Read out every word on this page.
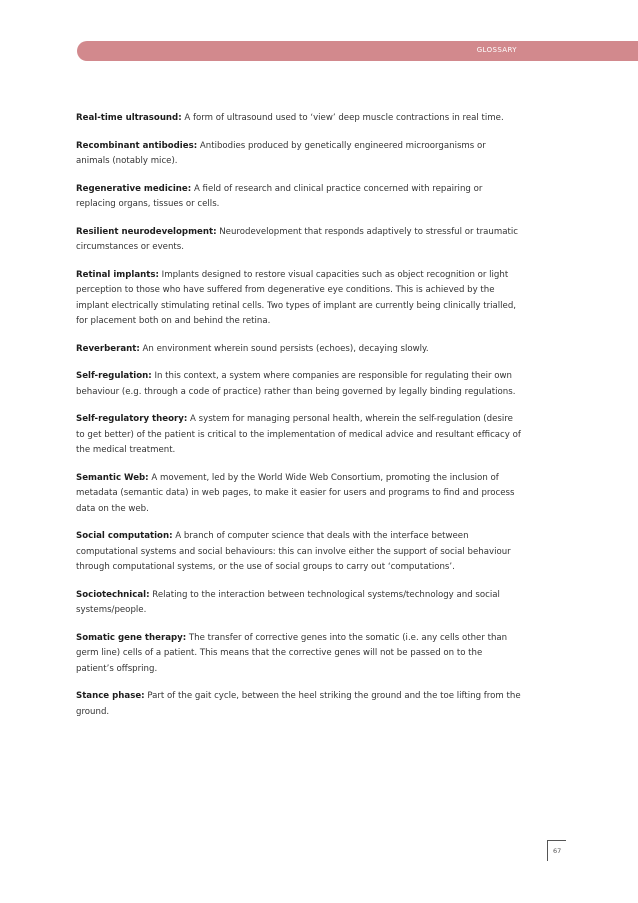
GLOSSARY

Real-time ultrasound: A form of ultrasound used to ‘view’ deep muscle contractions in real time.

Recombinant antibodies: Antibodies produced by genetically engineered microorganisms or animals (notably mice).

Regenerative medicine: A field of research and clinical practice concerned with repairing or replacing organs, tissues or cells.

Resilient neurodevelopment: Neurodevelopment that responds adaptively to stressful or traumatic circumstances or events.

Retinal implants: Implants designed to restore visual capacities such as object recognition or light perception to those who have suffered from degenerative eye conditions. This is achieved by the implant electrically stimulating retinal cells. Two types of implant are currently being clinically trialled, for placement both on and behind the retina.

Reverberant: An environment wherein sound persists (echoes), decaying slowly.

Self-regulation: In this context, a system where companies are responsible for regulating their own behaviour (e.g. through a code of practice) rather than being governed by legally binding regulations.

Self-regulatory theory: A system for managing personal health, wherein the self-regulation (desire to get better) of the patient is critical to the implementation of medical advice and resultant efficacy of the medical treatment.

Semantic Web: A movement, led by the World Wide Web Consortium, promoting the inclusion of metadata (semantic data) in web pages, to make it easier for users and programs to find and process data on the web.

Social computation: A branch of computer science that deals with the interface between computational systems and social behaviours: this can involve either the support of social behaviour through computational systems, or the use of social groups to carry out ‘computations’.

Sociotechnical: Relating to the interaction between technological systems/technology and social systems/people.

Somatic gene therapy: The transfer of corrective genes into the somatic (i.e. any cells other than germ line) cells of a patient. This means that the corrective genes will not be passed on to the patient’s offspring.

Stance phase: Part of the gait cycle, between the heel striking the ground and the toe lifting from the ground.

67
